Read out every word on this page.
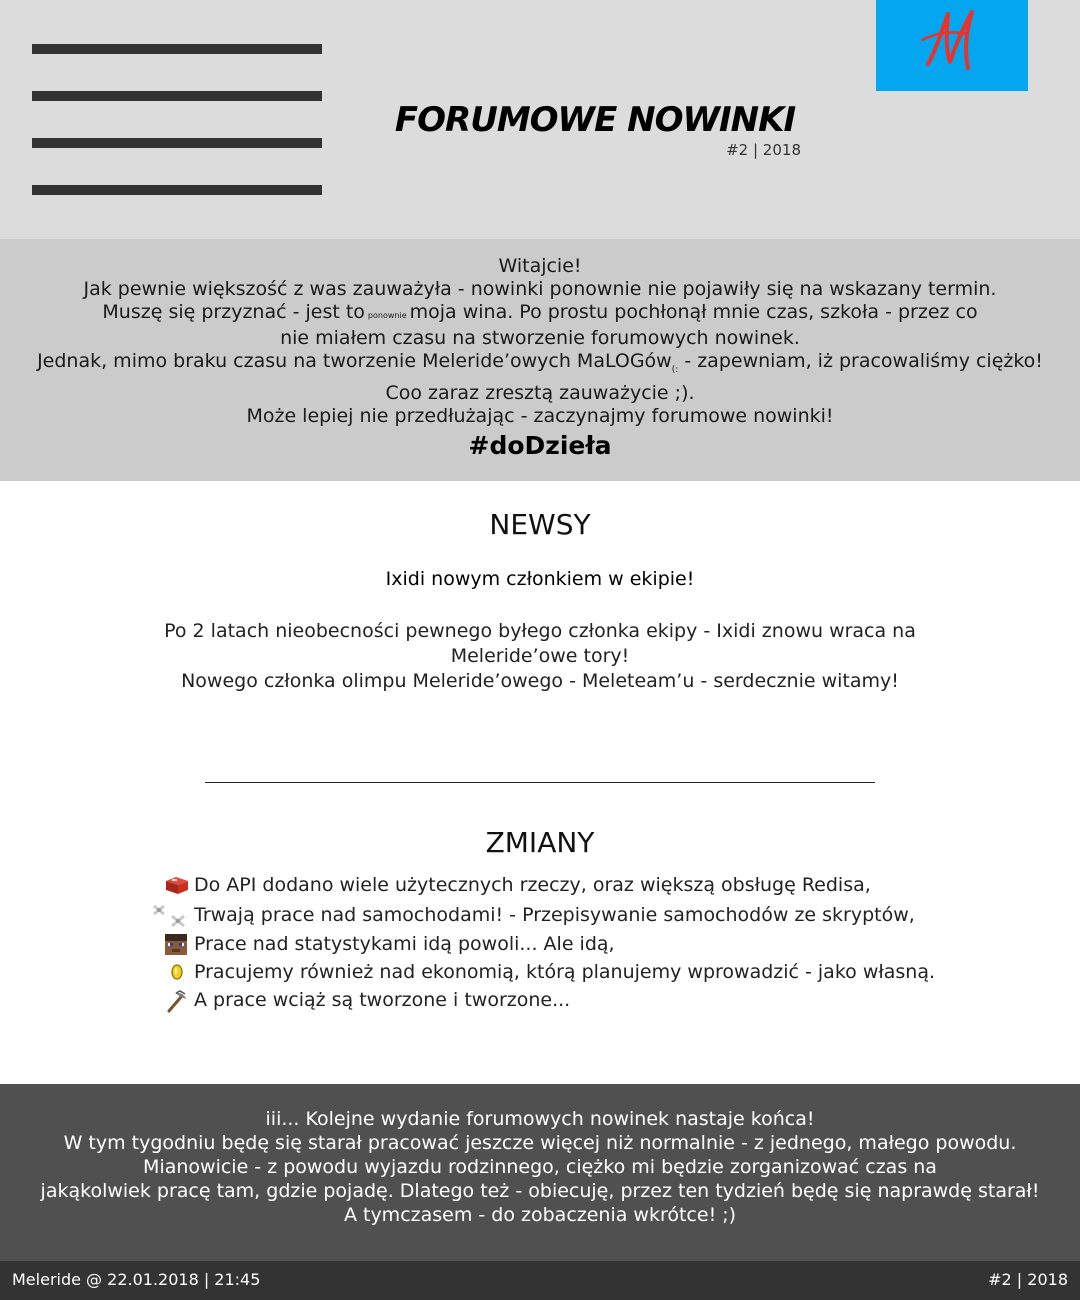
FORUMOWE NOWINKI
#2 | 2018
Witajcie!
Jak pewnie większość z was zauważyła - nowinki ponownie nie pojawiły się na wskazany termin.
Muszę się przyznać - jest to ponownie moja wina. Po prostu pochłonął mnie czas, szkoła - przez co
nie miałem czasu na stworzenie forumowych nowinek.
Jednak, mimo braku czasu na tworzenie Meleride’owych MaLOGów$_{(:}$ - zapewniam, iż pracowaliśmy ciężko!
Coo zaraz zresztą zauważycie ;).
Może lepiej nie przedłużając - zaczynajmy forumowe nowinki!
#doDzieła
NEWSY
Ixidi nowym członkiem w ekipie!
Po 2 latach nieobecności pewnego byłego członka ekipy - Ixidi znowu wraca na
Meleride’owe tory!
Nowego członka olimpu Meleride’owego - Meleteam’u - serdecznie witamy!
ZMIANY
Do API dodano wiele użytecznych rzeczy, oraz większą obsługę Redisa,
Trwają prace nad samochodami! - Przepisywanie samochodów ze skryptów,
Prace nad statystykami idą powoli... Ale idą,
Pracujemy również nad ekonomią, którą planujemy wprowadzić - jako własną.
A prace wciąż są tworzone i tworzone...
iii... Kolejne wydanie forumowych nowinek nastaje końca!
W tym tygodniu będę się starał pracować jeszcze więcej niż normalnie - z jednego, małego powodu.
Mianowicie - z powodu wyjazdu rodzinnego, ciężko mi będzie zorganizować czas na
jakąkolwiek pracę tam, gdzie pojadę. Dlatego też - obiecuję, przez ten tydzień będę się naprawdę starał!
A tymczasem - do zobaczenia wkrótce! ;)
Meleride @ 22.01.2018 | 21:45	#2 | 2018
